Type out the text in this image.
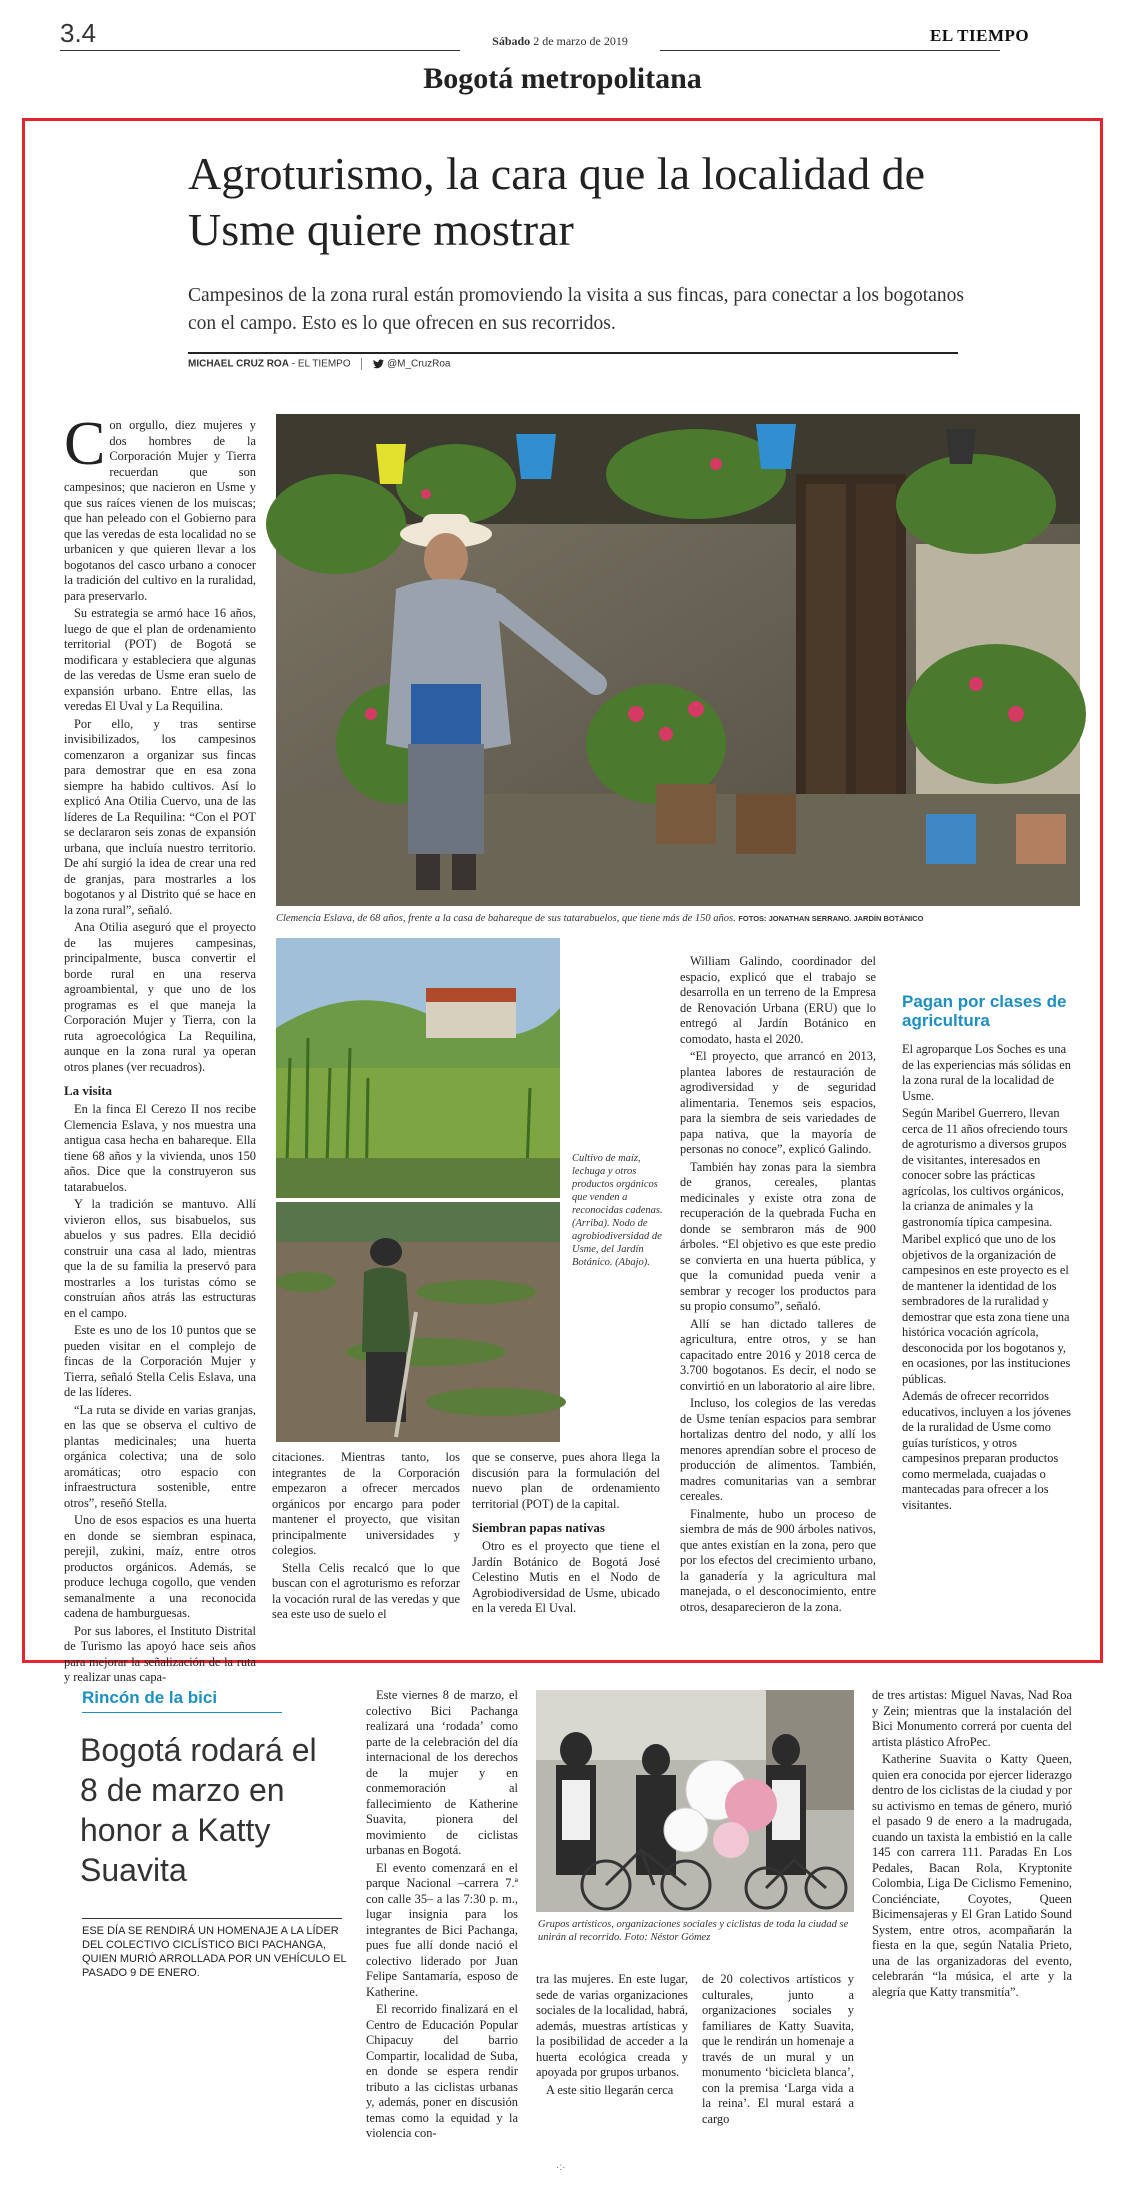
3.4	Sábado 2 de marzo de 2019	EL TIEMPO
Bogotá metropolitana
Agroturismo, la cara que la localidad de Usme quiere mostrar
Campesinos de la zona rural están promoviendo la visita a sus fincas, para conectar a los bogotanos con el campo. Esto es lo que ofrecen en sus recorridos.
MICHAEL CRUZ ROA - EL TIEMPO	@M_CruzRoa

Con orgullo, diez mujeres y dos hombres de la Corporación Mujer y Tierra recuerdan que son campesinos; que nacieron en Usme y que sus raíces vienen de los muiscas; que han peleado con el Gobierno para que las veredas de esta localidad no se urbanicen y que quieren llevar a los bogotanos del casco urbano a conocer la tradición del cultivo en la ruralidad, para preservarlo.

Su estrategia se armó hace 16 años, luego de que el plan de ordenamiento territorial (POT) de Bogotá se modificara y estableciera que algunas de las veredas de Usme eran suelo de expansión urbano. Entre ellas, las veredas El Uval y La Requilina.

Por ello, y tras sentirse invisibilizados, los campesinos comenzaron a organizar sus fincas para demostrar que en esa zona siempre ha habido cultivos. Así lo explicó Ana Otilia Cuervo, una de las líderes de La Requilina: “Con el POT se declararon seis zonas de expansión urbana, que incluía nuestro territorio. De ahí surgió la idea de crear una red de granjas, para mostrarles a los bogotanos y al Distrito qué se hace en la zona rural”, señaló.

Ana Otilia aseguró que el proyecto de las mujeres campesinas, principalmente, busca convertir el borde rural en una reserva agroambiental, y que uno de los programas es el que maneja la Corporación Mujer y Tierra, con la ruta agroecológica La Requilina, aunque en la zona rural ya operan otros planes (ver recuadros).

La visita

En la finca El Cerezo II nos recibe Clemencia Eslava, y nos muestra una antigua casa hecha en bahareque. Ella tiene 68 años y la vivienda, unos 150 años. Dice que la construyeron sus tatarabuelos.

Y la tradición se mantuvo. Allí vivieron ellos, sus bisabuelos, sus abuelos y sus padres. Ella decidió construir una casa al lado, mientras que la de su familia la preservó para mostrarles a los turistas cómo se construían años atrás las estructuras en el campo.

Este es uno de los 10 puntos que se pueden visitar en el complejo de fincas de la Corporación Mujer y Tierra, señaló Stella Celis Eslava, una de las líderes.

“La ruta se divide en varias granjas, en las que se observa el cultivo de plantas medicinales; una huerta orgánica colectiva; una de solo aromáticas; otro espacio con infraestructura sostenible, entre otros”, reseñó Stella.

Uno de esos espacios es una huerta en donde se siembran espinaca, perejil, zukini, maíz, entre otros productos orgánicos. Además, se produce lechuga cogollo, que venden semanalmente a una reconocida cadena de hamburguesas.

Por sus labores, el Instituto Distrital de Turismo las apoyó hace seis años para mejorar la señalización de la ruta y realizar unas capa-

Clemencia Eslava, de 68 años, frente a la casa de bahareque de sus tatarabuelos, que tiene más de 150 años. FOTOS: JONATHAN SERRANO. JARDÍN BOTÁNICO
Cultivo de maíz, lechuga y otros productos orgánicos que venden a reconocidas cadenas. (Arriba). Nodo de agrobiodiversidad de Usme, del Jardín Botánico. (Abajo).

citaciones. Mientras tanto, los integrantes de la Corporación empezaron a ofrecer mercados orgánicos por encargo para poder mantener el proyecto, que visitan principalmente universidades y colegios.

Stella Celis recalcó que lo que buscan con el agroturismo es reforzar la vocación rural de las veredas y que sea este uso de suelo el

que se conserve, pues ahora llega la discusión para la formulación del nuevo plan de ordenamiento territorial (POT) de la capital.

Siembran papas nativas

Otro es el proyecto que tiene el Jardín Botánico de Bogotá José Celestino Mutis en el Nodo de Agrobiodiversidad de Usme, ubicado en la vereda El Uval.

William Galindo, coordinador del espacio, explicó que el trabajo se desarrolla en un terreno de la Empresa de Renovación Urbana (ERU) que lo entregó al Jardín Botánico en comodato, hasta el 2020.

“El proyecto, que arrancó en 2013, plantea labores de restauración de agrodiversidad y de seguridad alimentaria. Tenemos seis espacios, para la siembra de seis variedades de papa nativa, que la mayoría de personas no conoce”, explicó Galindo.

También hay zonas para la siembra de granos, cereales, plantas medicinales y existe otra zona de recuperación de la quebrada Fucha en donde se sembraron más de 900 árboles. “El objetivo es que este predio se convierta en una huerta pública, y que la comunidad pueda venir a sembrar y recoger los productos para su propio consumo”, señaló.

Allí se han dictado talleres de agricultura, entre otros, y se han capacitado entre 2016 y 2018 cerca de 3.700 bogotanos. Es decir, el nodo se convirtió en un laboratorio al aire libre.

Incluso, los colegios de las veredas de Usme tenían espacios para sembrar hortalizas dentro del nodo, y allí los menores aprendían sobre el proceso de producción de alimentos. También, madres comunitarias van a sembrar cereales.

Finalmente, hubo un proceso de siembra de más de 900 árboles nativos, que antes existían en la zona, pero que por los efectos del crecimiento urbano, la ganadería y la agricultura mal manejada, o el desconocimiento, entre otros, desaparecieron de la zona.

Pagan por clases de agricultura

El agroparque Los Soches es una de las experiencias más sólidas en la zona rural de la localidad de Usme.

Según Maribel Guerrero, llevan cerca de 11 años ofreciendo tours de agroturismo a diversos grupos de visitantes, interesados en conocer sobre las prácticas agrícolas, los cultivos orgánicos, la crianza de animales y la gastronomía típica campesina.

Maribel explicó que uno de los objetivos de la organización de campesinos en este proyecto es el de mantener la identidad de los sembradores de la ruralidad y demostrar que esta zona tiene una histórica vocación agrícola, desconocida por los bogotanos y, en ocasiones, por las instituciones públicas.

Además de ofrecer recorridos educativos, incluyen a los jóvenes de la ruralidad de Usme como guías turísticos, y otros campesinos preparan productos como mermelada, cuajadas o mantecadas para ofrecer a los visitantes.

Rincón de la bici
Bogotá rodará el 8 de marzo en honor a Katty Suavita
ESE DÍA SE RENDIRÁ UN HOMENAJE A LA LÍDER DEL COLECTIVO CICLÍSTICO BICI PACHANGA, QUIEN MURIÓ ARROLLADA POR UN VEHÍCULO EL PASADO 9 DE ENERO.

Este viernes 8 de marzo, el colectivo Bici Pachanga realizará una ‘rodada’ como parte de la celebración del día internacional de los derechos de la mujer y en conmemoración al fallecimiento de Katherine Suavita, pionera del movimiento de ciclistas urbanas en Bogotá.

El evento comenzará en el parque Nacional –carrera 7.ª con calle 35– a las 7:30 p. m., lugar insignia para los integrantes de Bici Pachanga, pues fue allí donde nació el colectivo liderado por Juan Felipe Santamaría, esposo de Katherine.

El recorrido finalizará en el Centro de Educación Popular Chipacuy del barrio Compartir, localidad de Suba, en donde se espera rendir tributo a las ciclistas urbanas y, además, poner en discusión temas como la equidad y la violencia con-

Grupos artísticos, organizaciones sociales y ciclistas de toda la ciudad se unirán al recorrido. Foto: Néstor Gómez

tra las mujeres. En este lugar, sede de varias organizaciones sociales de la localidad, habrá, además, muestras artísticas y la posibilidad de acceder a la huerta ecológica creada y apoyada por grupos urbanos.

A este sitio llegarán cerca

de 20 colectivos artísticos y culturales, junto a organizaciones sociales y familiares de Katty Suavita, que le rendirán un homenaje a través de un mural y un monumento ‘bicicleta blanca’, con la premisa ‘Larga vida a la reina’. El mural estará a cargo

de tres artistas: Miguel Navas, Nad Roa y Zein; mientras que la instalación del Bici Monumento correrá por cuenta del artista plástico AfroPec.

Katherine Suavita o Katty Queen, quien era conocida por ejercer liderazgo dentro de los ciclistas de la ciudad y por su activismo en temas de género, murió el pasado 9 de enero a la madrugada, cuando un taxista la embistió en la calle 145 con carrera 111. Paradas En Los Pedales, Bacan Rola, Kryptonite Colombia, Liga De Ciclismo Femenino, Conciénciate, Coyotes, Queen Bicimensajeras y El Gran Latido Sound System, entre otros, acompañarán la fiesta en la que, según Natalia Prieto, una de las organizadoras del evento, celebrarán “la música, el arte y la alegría que Katty transmitía”.

·:·
